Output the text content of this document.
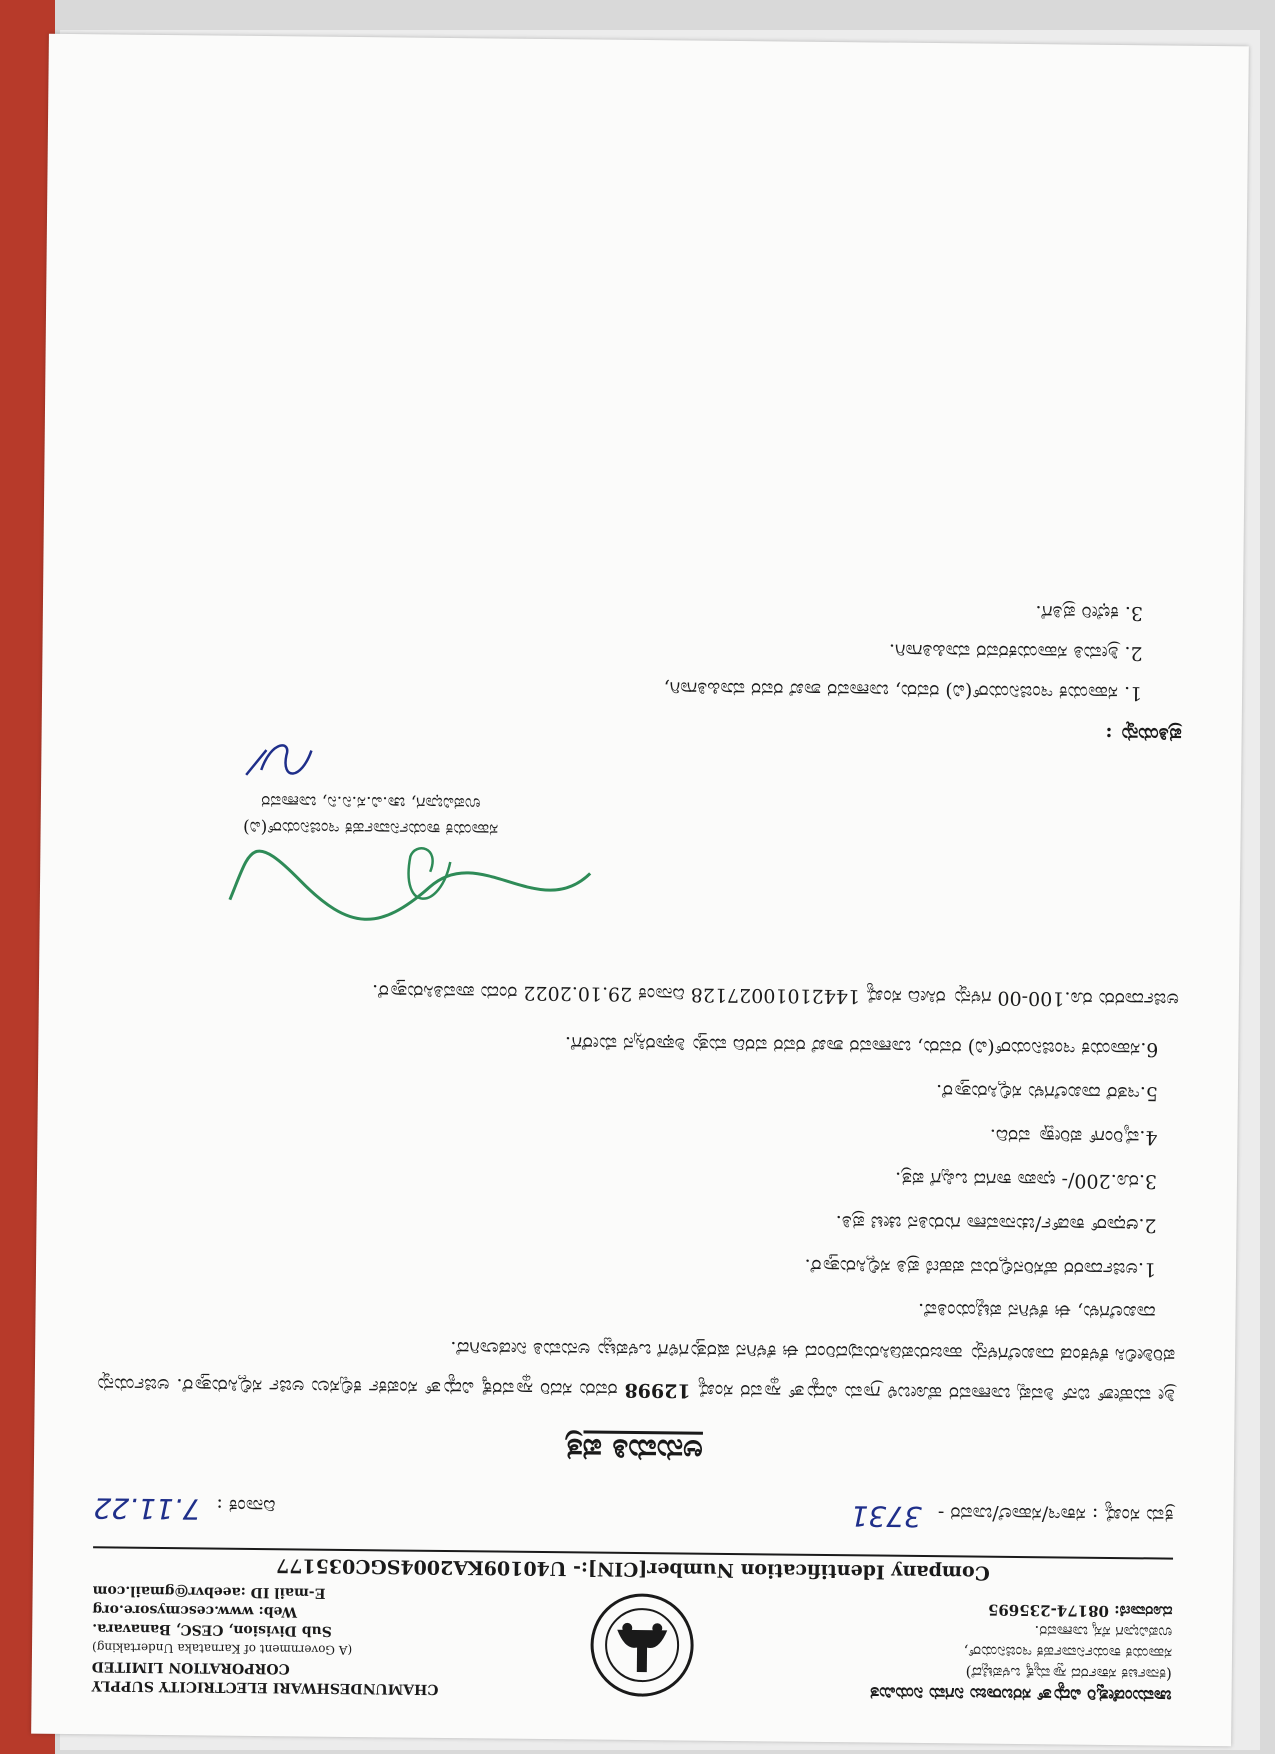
ಚಾಮುಂಡೇಶ್ವರಿ ವಿದ್ಯುತ್ ಸರಬರಾಜು ನಿಗಮ ನಿಯಮಿತ
(ಕರ್ನಾಟಕ ಸರ್ಕಾರದ ಸ್ವಾಮ್ಯಕ್ಕೆ ಒಳಪಟ್ಟಿದೆ)
ಸಹಾಯಕ ಕಾರ್ಯನಿರ್ವಾಹಕ ಇಂಜಿನಿಯರ್,
ಉಪವಿಭಾಗ ಸೆಸ್ಕ ಬಾಣಾವರ.
ದೂರವಾಣಿ: 08174-235695
CHAMUNDESHWARI ELECTRICITY SUPPLY CORPORATION LIMITED
(A Government of Karnataka Undertaking)
Sub Division, CESC, Banavara.
Web: www.cescmysore.org
E-mail ID :aeebvr@gmail.com
Company Identification Number[CIN]:- U40109KA2004SGC035177
ಕ್ರಮ ಸಂಖ್ಯೆ : ಸಕಾಇ/ಸಹಾಲೆ/ಬಾವರ - 3731
ದಿನಾಂಕ : 7.11.22
ಅನುಮತಿ ಪತ್ರ
ಶ್ರೀ ಮಹೇಶ್ ಬಿನ್ ಶಿವಪ್ಪ ಬಾಣಾವರ ಹೋಬಳಿ ಗ್ರಾಮ ವಿದ್ಯುತ್ ಸ್ಥಾವರ ಸಂಖ್ಯೆ 12998 ರವರು ಸದರಿ ಸ್ಥಾವರಕ್ಕೆ ವಿದ್ಯುತ್ ಸಂಪರ್ಕ ಕಲ್ಪಿಸಲು ಅರ್ಜಿ ಸಲ್ಲಿಸಿರುತ್ತಾರೆ. ಅರ್ಜಿಯನ್ನು ಪರಿಶೀಲಿಸಿ ಕೆಳಕಂಡ ದಾಖಲೆಗಳನ್ನು ಹಾಜರುಪಡಿಸಿರುವುದರಿಂದ ಈ ಕೆಳಗಿನ ಷರತ್ತುಗಳಿಗೆ ಒಳಪಟ್ಟು ಅನುಮತಿ ನೀಡಲಾಗಿದೆ.
ದಾಖಲೆಗಳು, ಈ ಕೆಳಗಿನ ಪಟ್ಟಿಯಂತಿವೆ.
1.ಅರ್ಜಿದಾರರ ಹೆಸರಿನಲ್ಲಿರುವ ಪಹಣಿ ಪ್ರತಿ ಸಲ್ಲಿಸಿರುತ್ತಾರೆ.
2.ಆಧಾರ್ ಕಾರ್ಡ್/ಚುನಾವಣಾ ಗುರುತಿನ ಚೀಟಿ ಪ್ರತಿ.
3.ರೂ.200/- ಛಾಪಾ ಕಾಗದ ಒಪ್ಪಿಗೆ ಪತ್ರ.
4.ವೈರಿಂಗ್ ಪರೀಕ್ಷಾ ವರದಿ.
5.ಇತರೆ ದಾಖಲೆಗಳು ಸಲ್ಲಿಸಿರುತ್ತಾರೆ.
6.ಸಹಾಯಕ ಇಂಜಿನಿಯರ್(ವಿ) ರವರು, ಬಾಣಾವರ ಶಾಖೆ ರವರ ವರದಿ ಮತ್ತು ಶಿಫಾರಸ್ಸಿನ ಮೇರೆಗೆ.
ಅರ್ಜಿದಾರರು ರೂ.100-00 ಗಳನ್ನು ರಸೀದಿ ಸಂಖ್ಯೆ 14421010027128 ದಿನಾಂಕ 29.10.2022 ರಂದು ಪಾವತಿಸಿರುತ್ತಾರೆ.
ಸಹಾಯಕ ಕಾರ್ಯನಿರ್ವಾಹಕ ಇಂಜಿನಿಯರ್(ವಿ)
ಉಪವಿಭಾಗ, ಚಾ.ವಿ.ಸ.ನಿ.ನಿ, ಬಾಣಾವರ
ಪ್ರತಿಯನ್ನು :
1. ಸಹಾಯಕ ಇಂಜಿನಿಯರ್(ವಿ) ರವರು, ಬಾಣಾವರ ಶಾಖೆ ರವರ ಮಾಹಿತಿಗಾಗಿ,
2. ಶ್ರೀಮತಿ ಸಹಾಯಕರವರ ಮಾಹಿತಿಗಾಗಿ.
3. ಕಛೇರಿ ಪ್ರತಿಗೆ.
